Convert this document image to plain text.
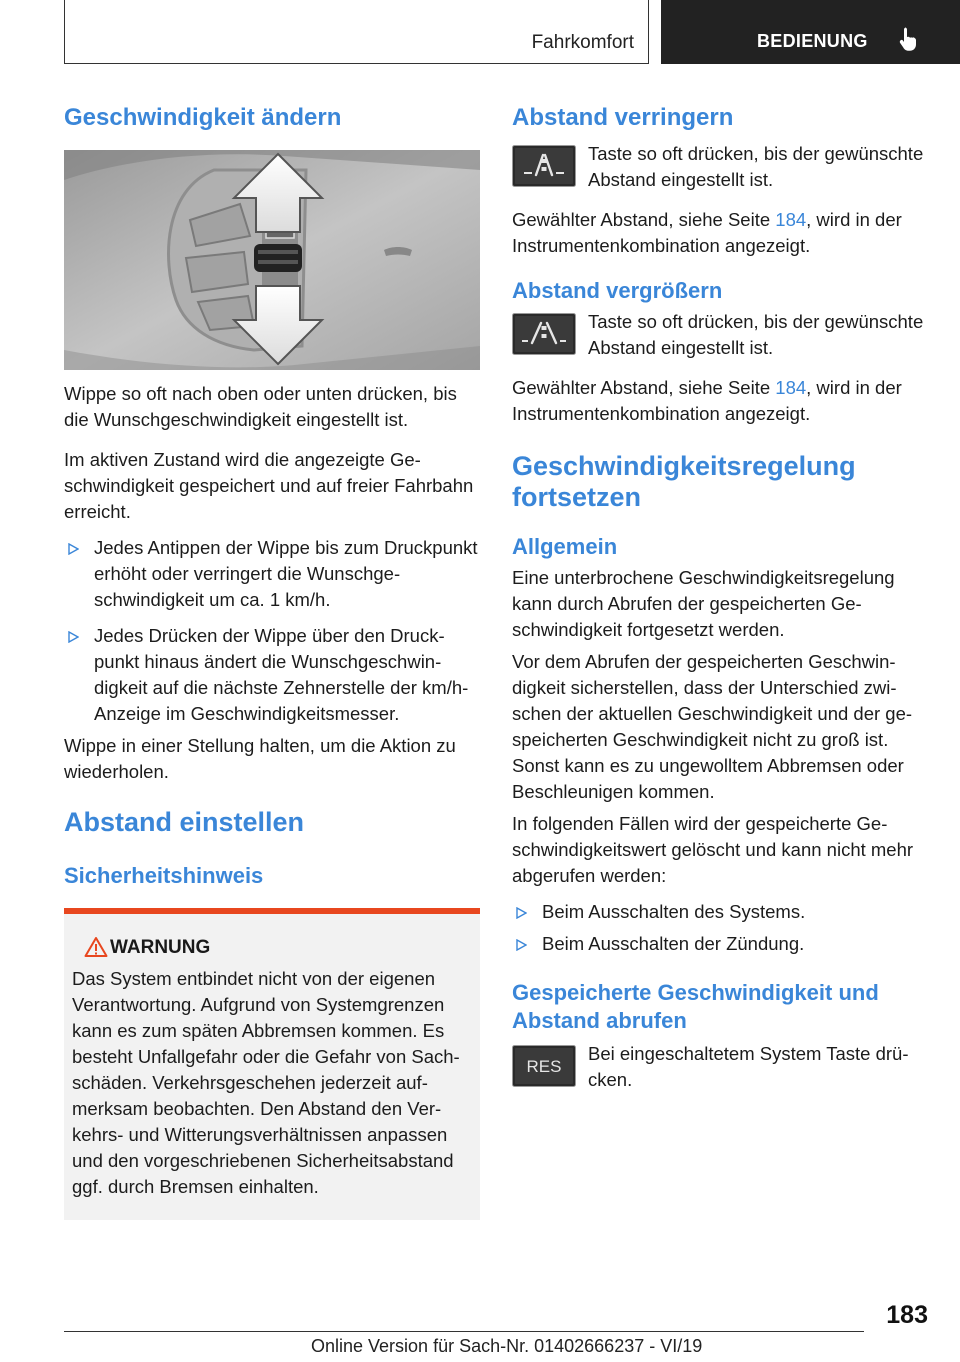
Fahrkomfort	BEDIENUNG
Geschwindigkeit ändern

Wippe so oft nach oben oder unten drücken, bis die Wunschgeschwindigkeit eingestellt ist.

Im aktiven Zustand wird die angezeigte Geschwindigkeit gespeichert und auf freier Fahrbahn erreicht.

Jedes Antippen der Wippe bis zum Druckpunkt erhöht oder verringert die Wunschgeschwindigkeit um ca. 1 km/h.
Jedes Drücken der Wippe über den Druckpunkt hinaus ändert die Wunschgeschwindigkeit auf die nächste Zehnerstelle der km/h-Anzeige im Geschwindigkeitsmesser.

Wippe in einer Stellung halten, um die Aktion zu wiederholen.

Abstand einstellen
Sicherheitshinweis
WARNUNG

Das System entbindet nicht von der eigenen Verantwortung. Aufgrund von Systemgrenzen kann es zum späten Abbremsen kommen. Es besteht Unfallgefahr oder die Gefahr von Sachschäden. Verkehrsgeschehen jederzeit aufmerksam beobachten. Den Abstand den Verkehrs- und Witterungsverhältnissen anpassen und den vorgeschriebenen Sicherheitsabstand ggf. durch Bremsen einhalten.

Abstand verringern

Taste so oft drücken, bis der gewünschte Abstand eingestellt ist.

Gewählter Abstand, siehe Seite 184, wird in der Instrumentenkombination angezeigt.

Abstand vergrößern

Taste so oft drücken, bis der gewünschte Abstand eingestellt ist.

Gewählter Abstand, siehe Seite 184, wird in der Instrumentenkombination angezeigt.

Geschwindigkeitsregelung fortsetzen
Allgemein

Eine unterbrochene Geschwindigkeitsregelung kann durch Abrufen der gespeicherten Geschwindigkeit fortgesetzt werden.

Vor dem Abrufen der gespeicherten Geschwindigkeit sicherstellen, dass der Unterschied zwischen der aktuellen Geschwindigkeit und der gespeicherten Geschwindigkeit nicht zu groß ist. Sonst kann es zu ungewolltem Abbremsen oder Beschleunigen kommen.

In folgenden Fällen wird der gespeicherte Geschwindigkeitswert gelöscht und kann nicht mehr abgerufen werden:

Beim Ausschalten des Systems.
Beim Ausschalten der Zündung.
Gespeicherte Geschwindigkeit und Abstand abrufen
RES

Bei eingeschaltetem System Taste drücken.

183
Online Version für Sach-Nr. 01402666237 - VI/19
